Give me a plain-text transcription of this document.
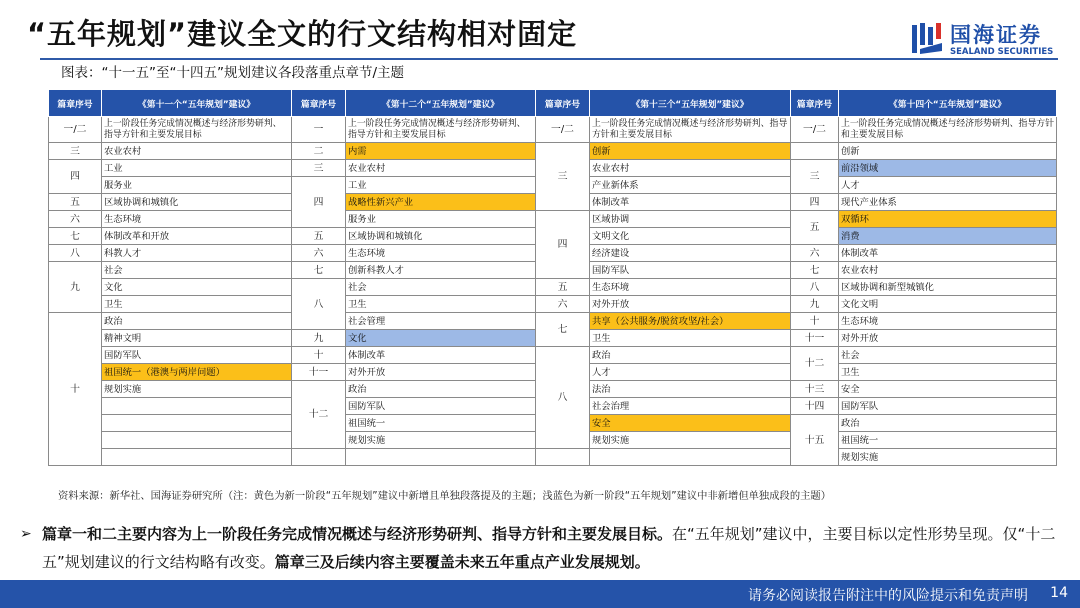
“五年规划”建议全文的行文结构相对固定	国海证券
SEALAND SECURITIES
图表：“十一五”至“十四五”规划建议各段落重点章节/主题
篇章序号	《第十一个“五年规划”建议》	篇章序号	《第十二个“五年规划”建议》	篇章序号	《第十三个“五年规划”建议》	篇章序号	《第十四个“五年规划”建议》
一/二	上一阶段任务完成情况概述与经济形势研判、指导方针和主要发展目标	一	上一阶段任务完成情况概述与经济形势研判、指导方针和主要发展目标	一/二	上一阶段任务完成情况概述与经济形势研判、指导方针和主要发展目标	一/二	上一阶段任务完成情况概述与经济形势研判、指导方针和主要发展目标
三	农业农村	二	内需	三	创新		创新
四	工业	三	农业农村		农业农村	三	前沿领域
	服务业	四	工业		产业新体系		人才
五	区域协调和城镇化		战略性新兴产业		体制改革	四	现代产业体系
六	生态环境		服务业	四	区域协调	五	双循环
七	体制改革和开放	五	区域协调和城镇化		文明文化		消费
八	科教人才	六	生态环境		经济建设	六	体制改革
九	社会	七	创新科教人才		国防军队	七	农业农村
	文化	八	社会	五	生态环境	八	区域协调和新型城镇化
	卫生		卫生	六	对外开放	九	文化文明
十	政治		社会管理	七	共享（公共服务/脱贫攻坚/社会）	十	生态环境
	精神文明	九	文化		卫生	十一	对外开放
	国防军队	十	体制改革	八	政治	十二	社会
	祖国统一（港澳与两岸问题）	十一	对外开放		人才		卫生
	规划实施	十二	政治		法治	十三	安全
			国防军队		社会治理	十四	国防军队
			祖国统一		安全	十五	政治
			规划实施		规划实施		祖国统一
							规划实施
资料来源：新华社、国海证券研究所（注：黄色为新一阶段“五年规划”建议中新增且单独段落提及的主题；浅蓝色为新一阶段“五年规划”建议中非新增但单独成段的主题）
➢ 篇章一和二主要内容为上一阶段任务完成情况概述与经济形势研判、指导方针和主要发展目标。在“五年规划”建议中，主要目标以定性形势呈现。仅“十二五”规划建议的行文结构略有改变。篇章三及后续内容主要覆盖未来五年重点产业发展规划。

请务必阅读报告附注中的风险提示和免责声明 14
